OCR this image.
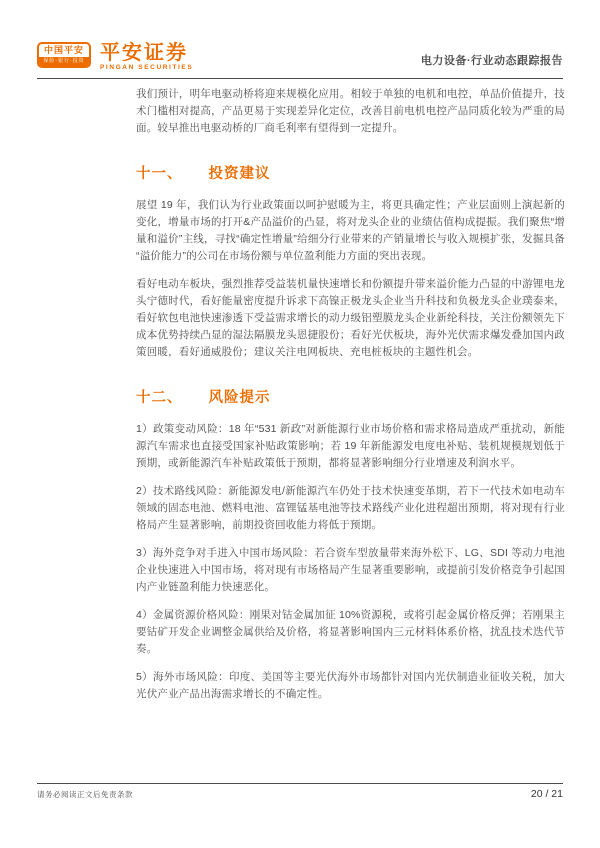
中国平安
保险·银行·投资 平安证券
PINGAN SECURITIES
电力设备·行业动态跟踪报告

我们预计，明年电驱动桥将迎来规模化应用。相较于单独的电机和电控，单品价值提升，技术门槛相对提高，产品更易于实现差异化定位，改善目前电机电控产品同质化较为严重的局面。较早推出电驱动桥的厂商毛利率有望得到一定提升。

十一、 投资建议

展望 19 年，我们认为行业政策面以呵护慰暖为主，将更具确定性；产业层面则上演起新的变化，增量市场的打开&产品溢价的凸显，将对龙头企业的业绩估值构成提振。我们聚焦“增量和溢价”主线，寻找“确定性增量”给细分行业带来的产销量增长与收入规模扩张，发掘具备“溢价能力”的公司在市场份额与单位盈利能力方面的突出表现。

看好电动车板块，强烈推荐受益装机量快速增长和份额提升带来溢价能力凸显的中游锂电龙头宁德时代，看好能量密度提升诉求下高镍正极龙头企业当升科技和负极龙头企业璞泰来，看好软包电池快速渗透下受益需求增长的动力级铝塑膜龙头企业新纶科技，关注份额领先下成本优势持续凸显的湿法隔膜龙头恩捷股份；看好光伏板块，海外光伏需求爆发叠加国内政策回暖，看好通威股份；建议关注电网板块、充电桩板块的主题性机会。

十二、 风险提示

1）政策变动风险：18 年“531 新政”对新能源行业市场价格和需求格局造成严重扰动，新能源汽车需求也直接受国家补贴政策影响；若 19 年新能源发电度电补贴、装机规模规划低于预期，或新能源汽车补贴政策低于预期，都将显著影响细分行业增速及利润水平。

2）技术路线风险：新能源发电/新能源汽车仍处于技术快速变革期，若下一代技术如电动车领域的固态电池、燃料电池、富锂锰基电池等技术路线产业化进程超出预期，将对现有行业格局产生显著影响，前期投资回收能力将低于预期。

3）海外竞争对手进入中国市场风险：若合资车型放量带来海外松下、LG、SDI 等动力电池企业快速进入中国市场，将对现有市场格局产生显著重要影响，或提前引发价格竞争引起国内产业链盈利能力快速恶化。

4）金属资源价格风险：刚果对钴金属加征 10%资源税，或将引起金属价格反弹；若刚果主要钴矿开发企业调整金属供给及价格，将显著影响国内三元材料体系价格，扰乱技术迭代节奏。

5）海外市场风险：印度、美国等主要光伏海外市场都针对国内光伏制造业征收关税，加大光伏产业产品出海需求增长的不确定性。

请务必阅读正文后免责条款	20 / 21
